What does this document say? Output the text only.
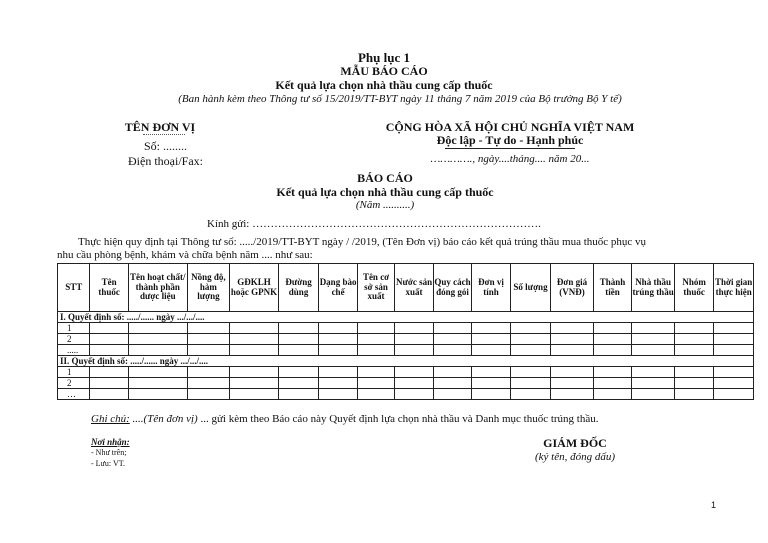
Phụ lục 1
MẪU BÁO CÁO
Kết quả lựa chọn nhà thầu cung cấp thuốc
(Ban hành kèm theo Thông tư số 15/2019/TT-BYT ngày 11 tháng 7 năm 2019 của Bộ trưởng Bộ Y tế)
TÊN ĐƠN VỊ
Số: ........
Điện thoại/Fax:
CỘNG HÒA XÃ HỘI CHỦ NGHĨA VIỆT NAM
Độc lập - Tự do - Hạnh phúc
…………., ngày....tháng.... năm 20...
BÁO CÁO
Kết quả lựa chọn nhà thầu cung cấp thuốc
(Năm ..........)
Kính gửi: …………………………………………………………………….
Thực hiện quy định tại Thông tư số: ...../2019/TT-BYT ngày / /2019, (Tên Đơn vị) báo cáo kết quả trúng thầu mua thuốc phục vụ
nhu cầu phòng bệnh, khám và chữa bệnh năm .... như sau:
STT	Tên thuốc	Tên hoạt chất/ thành phần dược liệu	Nồng độ, hàm lượng	GĐKLH hoặc GPNK	Đường dùng	Dạng bào chế	Tên cơ sở sản xuất	Nước sản xuất	Quy cách đóng gói	Đơn vị tính	Số lượng	Đơn giá (VNĐ)	Thành tiền	Nhà thầu trúng thầu	Nhóm thuốc	Thời gian thực hiện
I. Quyết định số: ...../...... ngày .../.../....																
1																
2																
.....																
II. Quyết định số: ...../...... ngày .../.../....																
1																
2																
…																
Ghi chú: ....(Tên đơn vị) ... gửi kèm theo Báo cáo này Quyết định lựa chọn nhà thầu và Danh mục thuốc trúng thầu.
Nơi nhận:
- Như trên;
- Lưu: VT.
GIÁM ĐỐC
(ký tên, đóng dấu)
1
